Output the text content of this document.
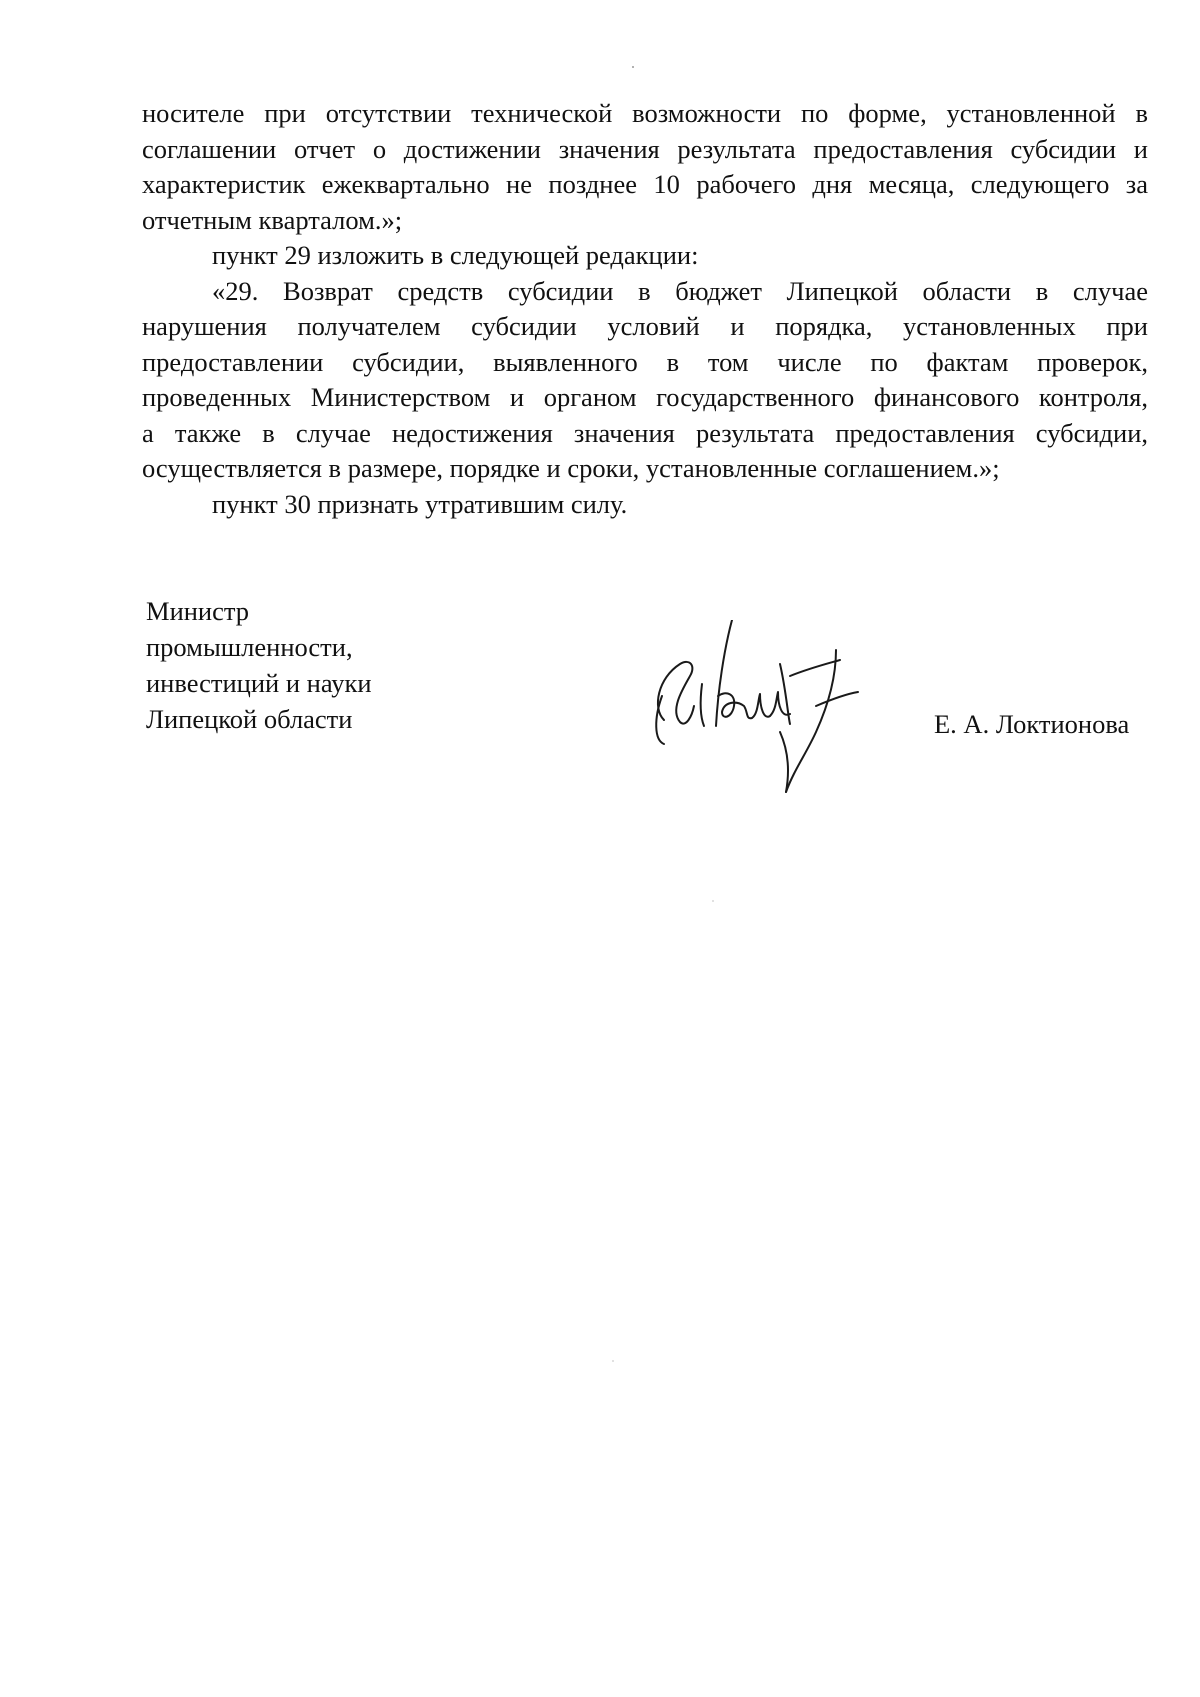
носителе при отсутствии технической возможности по форме, установленной в
соглашении отчет о достижении значения результата предоставления субсидии и
характеристик ежеквартально не позднее 10 рабочего дня месяца, следующего за
отчетным кварталом.»;

пункт 29 изложить в следующей редакции:

«29. Возврат средств субсидии в бюджет Липецкой области в случае
нарушения получателем субсидии условий и порядка, установленных при
предоставлении субсидии, выявленного в том числе по фактам проверок,
проведенных Министерством и органом государственного финансового контроля,
а также в случае недостижения значения результата предоставления субсидии,
осуществляется в размере, порядке и сроки, установленные соглашением.»;

пункт 30 признать утратившим силу.

Министр
промышленности,
инвестиций и науки
Липецкой области	Е. А. Локтионова
